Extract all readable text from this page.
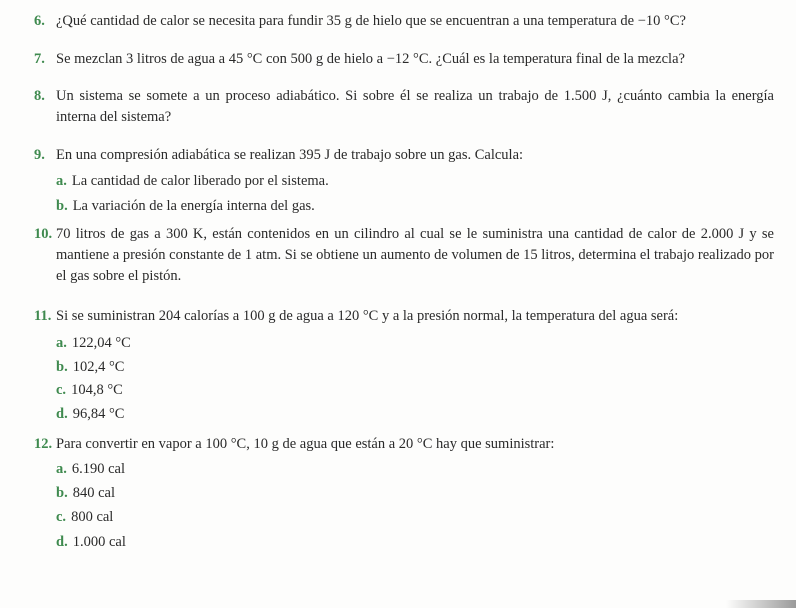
6. ¿Qué cantidad de calor se necesita para fundir 35 g de hielo que se encuentran a una temperatura de −10 °C?
7. Se mezclan 3 litros de agua a 45 °C con 500 g de hielo a −12 °C. ¿Cuál es la temperatura final de la mezcla?
8. Un sistema se somete a un proceso adiabático. Si sobre él se realiza un trabajo de 1.500 J, ¿cuánto cambia la energía interna del sistema?
9. En una compresión adiabática se realizan 395 J de trabajo sobre un gas. Calcula:
a. La cantidad de calor liberado por el sistema.
b. La variación de la energía interna del gas.
10. 70 litros de gas a 300 K, están contenidos en un cilindro al cual se le suministra una cantidad de calor de 2.000 J y se mantiene a presión constante de 1 atm. Si se obtiene un aumento de volumen de 15 litros, determina el trabajo realizado por el gas sobre el pistón.
11. Si se suministran 204 calorías a 100 g de agua a 120 °C y a la presión normal, la temperatura del agua será:
a. 122,04 °C
b. 102,4 °C
c. 104,8 °C
d. 96,84 °C
12. Para convertir en vapor a 100 °C, 10 g de agua que están a 20 °C hay que suministrar:
a. 6.190 cal
b. 840 cal
c. 800 cal
d. 1.000 cal
